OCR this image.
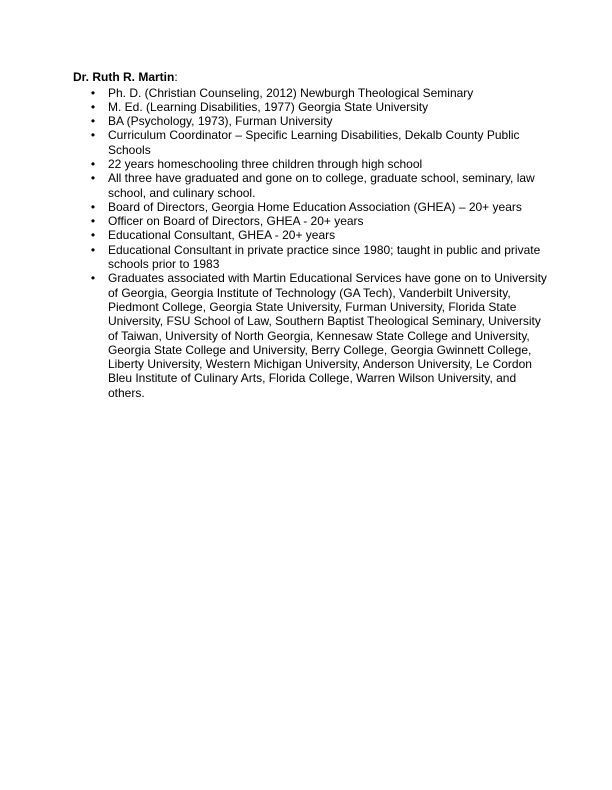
Dr. Ruth R. Martin:

• Ph. D. (Christian Counseling, 2012) Newburgh Theological Seminary
• M. Ed. (Learning Disabilities, 1977) Georgia State University
• BA (Psychology, 1973), Furman University
• Curriculum Coordinator – Specific Learning Disabilities, Dekalb County Public Schools
• 22 years homeschooling three children through high school
• All three have graduated and gone on to college, graduate school, seminary, law school, and culinary school.
• Board of Directors, Georgia Home Education Association (GHEA) – 20+ years
• Officer on Board of Directors, GHEA - 20+ years
• Educational Consultant, GHEA - 20+ years
• Educational Consultant in private practice since 1980; taught in public and private schools prior to 1983
• Graduates associated with Martin Educational Services have gone on to University of Georgia, Georgia Institute of Technology (GA Tech), Vanderbilt University, Piedmont College, Georgia State University, Furman University, Florida State University, FSU School of Law, Southern Baptist Theological Seminary, University of Taiwan, University of North Georgia, Kennesaw State College and University, Georgia State College and University, Berry College, Georgia Gwinnett College, Liberty University, Western Michigan University, Anderson University, Le Cordon Bleu Institute of Culinary Arts, Florida College, Warren Wilson University, and others.
